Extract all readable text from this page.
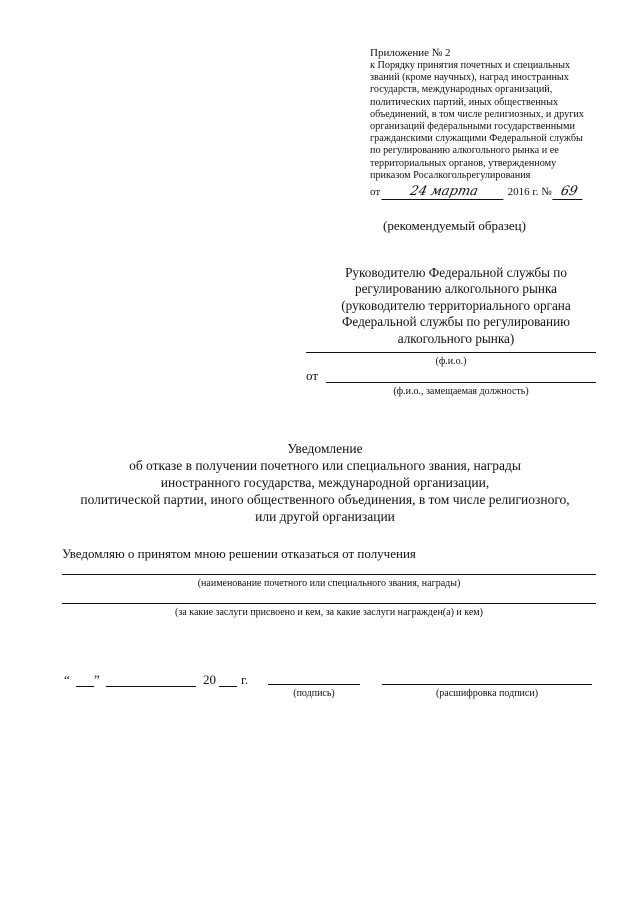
Приложение № 2
к Порядку принятия почетных и специальных
званий (кроме научных), наград иностранных
государств, международных организаций,
политических партий, иных общественных
объединений, в том числе религиозных, и других
организаций федеральными государственными
гражданскими служащими Федеральной службы
по регулированию алкогольного рынка и ее
территориальных органов, утвержденному
приказом Росалкогольрегулирования
от 24 марта	2016 г. № 69
(рекомендуемый образец)
Руководителю Федеральной службы по
регулированию алкогольного рынка
(руководителю территориального органа
Федеральной службы по регулированию
алкогольного рынка)
(ф.и.о.)
от
(ф.и.о., замещаемая должность)
Уведомление
об отказе в получении почетного или специального звания, награды
иностранного государства, международной организации,
политической партии, иного общественного объединения, в том числе религиозного,
или другой организации
Уведомляю о принятом мною решении отказаться от получения
(наименование почетного или специального звания, награды)
(за какие заслуги присвоено и кем, за какие заслуги награжден(а) и кем)
“ ”	20 г.
(подпись)	(расшифровка подписи)
